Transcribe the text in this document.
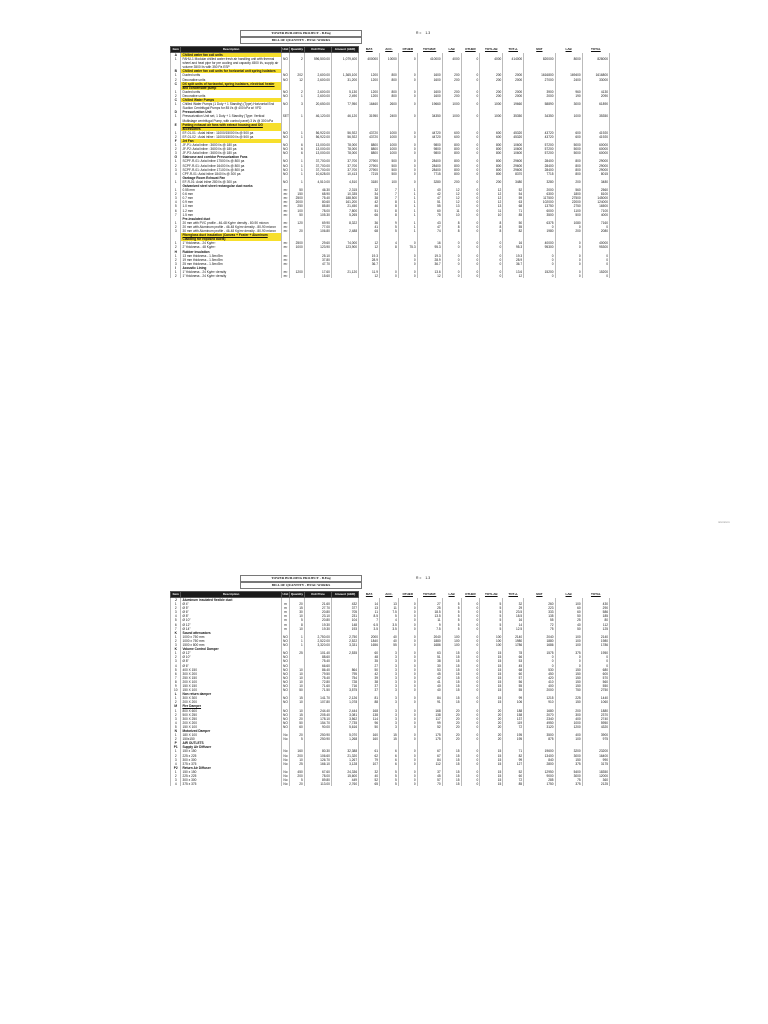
TOWER BUILDING PROJECT - B.Eng
BILL OF QUANTITY - HVAC WORKS
R = 1.3
Item	Description	Unit	Quantity	Unit Price	Amount (AED)	MAT.	ACC.	OTHER	TOT.MAT.	LAB	OTHER	TOT.LAB	TOT+L	MAT	LAB	TOTAL
A	Chilled water fan coil units															
1	FAHU-1 Modular chilled water fresh air handling unit with thermal wheel and heat pipe for pre cooling and capacity 4500 l/s, supply air volume 3500 l/s with 350 Pa ESP	NO	2	596,500.00	1,079,400	400000	10000	0	410000	4000	0	4000	414000	820000	8000	828000
B	Chilled water fan coil units for horizontal unit spring isolators															
1	Ducted units	NO	202	2,600.00	1,365,100	1200	800	0	1600	200	0	200	2000	1616800	169400	1616800
2	Decorative units	NO	12	2,600.00	31,200	1200	800	0	1600	200	0	200	2000	27000	2400	33000
C	DX split units of horizontal, spring isolators, electrical heater and condensate pump															
1	Ducted units	NO	2	2,600.00	5,130	1200	800	0	1600	200	0	200	2000	3900	960	4130
2	Decorative units	NO	1	2,600.00	2,490	1200	800	0	1600	200	0	200	2000	2000	190	2090
C	Chilled Water Pumps															
1	Chilled Water Pumps (1 Duty + 1 Standby) (Type) Horizontal End Suction Centrifugal Pumps for 85 l/s @ 400 kPa w/ VFD	NO	3	20,650.00	77,950	16460	2600	0	19660	1000	0	1000	19660	58890	3000	61890
D	Pressurization Unit															
1	Pressurization Unit set, 1 Duty + 1 Standby (Type: Vertical Multistage centrifugal Pump, with control panel) 3 l/s @ 300 kPa	SET	1	46,120.00	46,120	31950	2400	0	34350	1000	0	1000	35350	34350	1000	35350
E	Potting exhaust air fans with extract housing and OG accessories															
1	EF-01-01 : Axial inline : 11000/15000 l/s @ 500 pa	NO	1	56,922.00	56,922	43720	1000	0	44720	600	0	600	45320	43720	600	41920
2	EF-01-02 : Axial inline : 11000/15000 l/s @ 500 pa	NO	1	56,922.00	56,922	43720	1000	0	44720	600	0	600	45320	43720	600	41920
F	Jet Fan															
1	JF-P1: Axial inline : 3600 l/s @ 180 pa	NO	6	13,000.00	78,000	8800	1000	0	9800	800	0	800	10600	57200	5000	60000
2	JF-P2: Axial inline : 3600 l/s @ 180 pa	NO	6	13,000.00	78,000	8800	1000	0	9800	800	0	800	10600	57200	5000	60000
3	JF-P3: Axial inline : 3600 l/s @ 180 pa	NO	6	13,000.00	78,000	8800	1000	0	9800	800	0	800	10600	57200	5000	60000
G	Staircase and corridor Pressurization Fans															
1	SCPF-R-01: Axial inline 17500 l/s @ 800 pa	NO	1	37,700.00	37,700	27900	500	0	28400	800	0	800	29600	28400	800	29000
2	SCPF-R-01: Axial inline 16400 l/s @ 800 pa	NO	1	37,700.00	37,700	27900	500	0	28400	800	0	800	29600	28400	800	29000
3	SCPF-R-01: Axial inline 17100 l/s @ 800 pa	NO	1	37,700.00	37,700	27900	500	0	28400	800	0	800	29600	28400	800	29000
4	CPF-R-01: Axial inline 1840 l/s @ 300 pa	NO	1	10,628.00	10,413	7215	500	0	7715	800	0	800	8370	7715	800	8015
	Garbage Room Exhaust Fan															
1	EF-R-01: Axial inline 280 l/s @ 300 pa	NO	1	4,510.00	4,510	3180	100	0	3280	200	0	200	3480	3280	200	3480
	Galvanized steel sheet rectangular duct works															
1	0.55 mm	m²	50	46.30	2,315	32	7	1	40	12	0	12	52	2000	560	2560
2	0.6 mm	m²	150	68.90	10,335	34	7	1	42	12	0	12	54	6300	1800	8100
3	0.7 mm	m²	2500	75.40	188,500	38	7	1	47	12	0	12	59	117500	27500	145000
4	0.9 mm	m²	2000	80.60	161,200	42	8	1	51	12	0	12	63	102000	22000	124000
5	1.0 mm	m²	250	85.80	21,450	46	8	1	55	13	0	13	68	13750	2750	16500
6	1.2 mm	m²	100	78.00	7,800	51	8	1	60	11	0	11	71	6000	1100	7100
7	1.5 mm	m²	50	105.30	5,265	66	8	1	75	10	0	10	85	3500	500	4000
	Pre-insulated duct															
1	20 mm with PVC profile - 46-48 Kg/m³ density - 80-90 micron	m²	120	69.90	8,322	36	9	1	43	8	0	8	50	6375	1080	7160
2	20 mm with Aluminum profile - 46-48 Kg/m³ density - 80-90 micron	m²		77.00		41	5	1	47	8	0	8	55	0	0	0
3	30 mm with Aluminum profile - 46-48 Kg/m³ density - 80-90 micron	m²	20	106.80	2,488	68	5	1	74	8	0	8	82	1980	200	2080
	Fiberglass duct insulation (Canvas + Foster + Aluminum Cladding for exposed ducts)															
1	1" thickness - 24 Kg/m³	m²	2500	29.60	74,000	12	4	0	16	0	0	0	16	40000	0	40000
2	2" thickness - 48 Kg/m³	m²	1000	123.90	123,900	12	8	75.3	95.3	0	0	0	95.3	95300	0	95300
H	Rubber insulation															
1	13 mm thickness - 1.5m²/8m	m²		25.10		19.3		0	19.3	0	0	0	19.3	0	0	0
2	19 mm thickness - 1.5m²/8m	m²		37.80		28.9		0	28.9	0	0	0	28.9	0	0	0
3	25 mm thickness - 1.5m²/8m	m²		47.70		36.7		0	36.7	0	0	0	36.7	0	0	0
I	Acoustic Lining															
1	1" thickness - 24 Kg/m³ density	m²	1200	17.60	21,120	11.9	0	0	13.6	0	0	0	13.6	15200	0	15200
2	1" thickness - 24 Kg/m³ density	m²		15.60		12	0	0	12	0	0	0	12	0	0	0
TOWER BUILDING PROJECT - B.Eng
BILL OF QUANTITY - HVAC WORKS
R = 1.3
Item	Description	Unit	Quantity	Unit Price	Amount (AED)	MAT.	ACC.	OTHER	TOT.MAT.	LAB	OTHER	TOT.LAB	TOT+L	MAT	LAB	TOTAL
J	Aluminum insulated flexible duct															
1	Ø 4"	m	20	21.60	432	14	13	0	27	5	0	5	32	260	100	430
2	Ø 5"	m	15	27.70	377	13	11	0	25	5	0	5	29	223	60	290
3	Ø 6"	m	30	20.80	705	11	7.5	0	18.5	5	0	5	23.5	333	60	586
4	Ø 8"	m	10	23.10	231	8.5	5	0	13.5	5	0	5	18.5	135	50	185
5	Ø 10"	m	5	20.80	104	7	4	0	11	5	0	5	16	55	25	80
6	Ø 12"	m	8	19.30	148	6.5	3.5	0	9	5	0	5	14	72	40	112
7	Ø 14"	m	10	19.30	193	3.5	3.5	0	7.5	5	0	5	12.5	75	50	125
K	Sound attenuators															
1	1000 x 750 mm	NO	1	2,750.00	2,750	2000	40	0	2040	100	0	100	2140	2040	100	2140
2	1000 x 750 mm	NO	1	2,522.00	2,522	1840	40	0	1880	100	0	100	1980	1880	100	1980
3	1500 x 800 mm	NO	1	3,320.00	3,331	1656	55	0	1686	100	0	100	1786	1686	100	1786
K	Volume Control Damper															
1	Ø 12"	NO	25	101.40	2,535	60	3	0	63	15	0	15	78	1575	375	1950
2	Ø 10"	NO		88.60		48	3	0	51	15	0	15	66	0	0	0
3	Ø 8"	NO		75.40		35	3	0	38	15	0	15	53	0	0	0
4	Ø 6"	NO		66.60		27	3	0	30	15	0	15	45	0	0	0
5	400 X 150	NO	10	86.40	864	50	3	0	53	15	0	15	68	530	150	680
6	300 X 200	NO	10	79.50	795	42	3	0	45	15	0	15	60	450	150	600
7	250 X 150	NO	10	75.40	754	39	3	0	42	15	0	15	57	420	150	570
8	200 X 100	NO	10	72.80	728	38	3	0	41	15	0	15	56	410	150	560
9	150 X 150	NO	10	71.60	716	37	3	0	40	15	0	15	55	400	150	550
10	150 X 100	NO	50	71.50	3,575	37	3	0	40	15	0	15	55	2000	750	2750
L	Non return damper															
1	300 X 300	NO	15	141.70	2,126	81	3	0	84	15	0	15	99	1215	225	1440
2	200 X 200	NO	10	107.80	1,078	88	3	0	91	15	0	15	106	910	150	1060
M	Fire Damper															
1	800 X 600	NO	10	244.40	2,444	168	3	0	168	20	0	20	188	1680	200	1880
2	500 X 250	NO	15	205.40	3,081	138	3	0	138	20	0	20	158	2070	300	2370
3	300 X 250	NO	20	178.10	3,562	114	3	0	117	20	0	20	137	2340	400	2740
4	200 X 200	NO	50	154.70	7,735	96	3	0	99	20	0	20	119	4950	1000	5950
5	150 X 100	NO	60	90.00	5,616	50	3	0	52	20	0	20	72	3120	1200	4320
N	Motorized Damper															
1	180 X 100	No	20	250.90	5,070	160	15	0	175	20	0	20	195	3500	400	3900
2	150x150	No	5	250.90	1,268	160	15	0	175	20	0	20	195	875	100	975
P	AIR OUTLETS															
P1	Supply Air Diffuser															
1	150 x 150	No	160	80.30	32,388	61	6	0	67	15	0	15	71	19600	3200	23200
2	225 x 225	No	200	106.60	21,320	62	6	0	67	15	0	15	82	13400	3000	16400
3	300 x 300	No	10	126.70	1,267	79	6	0	84	15	0	15	99	840	150	990
4	375 x 375	No	25	166.10	3,128	107	6	0	112	15	0	15	127	2800	375	3175
P2	Return Air Diffuser															
1	150 x 150	No	450	67.60	24,336	32	5	0	37	15	0	15	52	12950	5400	18350
2	225 x 225	No	200	78.00	15,600	40	5	0	45	15	0	15	60	9000	3000	12000
3	300 x 300	No	5	89.80	449	52	5	0	57	15	0	15	72	285	75	360
4	375 x 375	No	20	113.00	2,760	65	5	0	70	15	0	15	85	1750	375	2125
nnnnnnn
